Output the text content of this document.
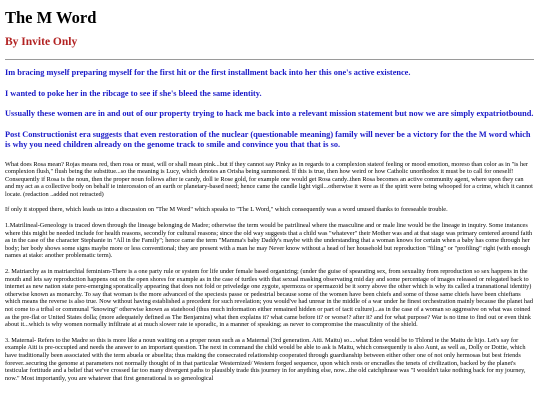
The M Word
By Invite Only

Im bracing myself preparing myself for the first hit or the first installment back into her this one's active existence.

I wanted to poke her in the ribcage to see if she's bleed the same identity.

Ussually these women are in and out of our property trying to hack me back into a relevant mission statement but now we are simply expatriotbound.

Post Constructionist era suggests that even restoration of the nuclear (questionable meaning) family will never be a victory for the the M word which is why you need children already on the genome track to smile and convince you that that is so.

What does Rosa mean? Rojas means red, then rosa or must, will or shall mean pink...but if they cannot say Pinky as in regards to a complexion stateof feeling or mood emotion, moreso than color as in "is her complexion flush," flush being the substitue...so the meaning is Lucy, which denotes an Orisha being summoned. If this is true, then how weird or how Catholic unorthodox it must be to call for oneself! Consequently if Rosa is the noun, then the proper noun follows after ie candy, doll ie Rose gold, for example one would get Rosa candy..then Rosa becomes an active community agent, where upon they can and my act as a collective body on behalf ie intercession of an earth or planetary-based need; hence came the candle light vigil...otherwise it were as if the spirit were being whooped for a crime, which it cannot locate. (redaction ..added not retracted)

If only it stopped there, which leads us into a discussion on "The M Word" which speaks to "The L Word," which consequently was a word unused thanks to foreseable trouble.

1.Matrilineal-Geneology is traced down through the lineage belonging de Madre; otherwise the term would be patrilineal where the masculine and or male line would be the lineage in inquiry. Some instances where this might be needed include for health reasons, secondly for cultural reasons; since the old way suggests that a child was "whatever" their Mother was and at that stage was primary centered around faith as in the case of the character Stephanie in "All in the Family"; hence came the term "Mamma's baby Daddy's maybe with the understanding that a woman knows for certain when a baby has come through her body; her body shows some signs maybe more or less conventional; they are present with a man he may Never know without a head of her household but reproduction "filing" or "profiling" right (with enough names at stake: another problematic term).

2. Matriarchy as in matriarchial feminism-There is a one party rule or system for life under female based organizing; (under the guise of spearating sex, from sexuality from reproduction so sex happens in the mouth and lets say reproduction happens out on the open shores for example as in the case of turtles with that sexual masking observating mid day and some percentage of images released or relegated back to internet as new nation state pere-emerging sporatically appearing that does not fold or priveledge one zygote, spermoza or spermazoid be it sorry above the other which is why its called a transnational identity) otherwise known as monarchy. To say that woman is the more advanced of the speciesis passe or pedestrial because some of the women have been chiefs and some of those same chiefs have been chieftans which means the reverse is also true. Now without having established a precedent for such revelation; you would've had unrear in the middle of a war under he finest orchestration mainly because the planet had not come to a tribal or communal "knowing" otherwise known as statehood (thus much information either remained hidden or part of tacit culture)...as in the case of a woman so aggressive on what was coined as the pre-flat or United States dolla; (more adequately defined as The Benjamins) what then explains it? what came before it? or worse!? after it? and for what purpose? War is no time to find out or even think about it...which is why women normally infiltrate at at much slower rate ie sporadic, in a manner of speaking; as never to compromise the masculinity of the shield.

3. Maternal- Refers to the Madre so this is more like a noun waiting on a proper noun such as a Maternal (3rd generation. Aiti. Maitu) so....what Eden would be to Tblond ie the Maitu de hijo. Let's say for example Aiti is pre-occupied and needs the answer to an important question. The next in command the child would be able to ask is Maitu, which consequently is also Aunt, as well as, Dolly or Dottie, which have traditionally been associated with the term abuela or abuelita; thus making the consecrated relationship cooperated through guardianship between either other one of not only hermosas but best friends forever..securing the genome at parameters not normally thought of in that particular Westernized/ Western forged sequence, upon which rests or encradles the tenets of civilization, backed by the planet's testicular fortitude and a belief that we've crossed far too many divergent paths to plausibly trade this journey in for anything else, now...the old catchphrase was "I wouldn't take nothing back for my journey, now." Most importantly, you are whatever that first generational is so geneological
